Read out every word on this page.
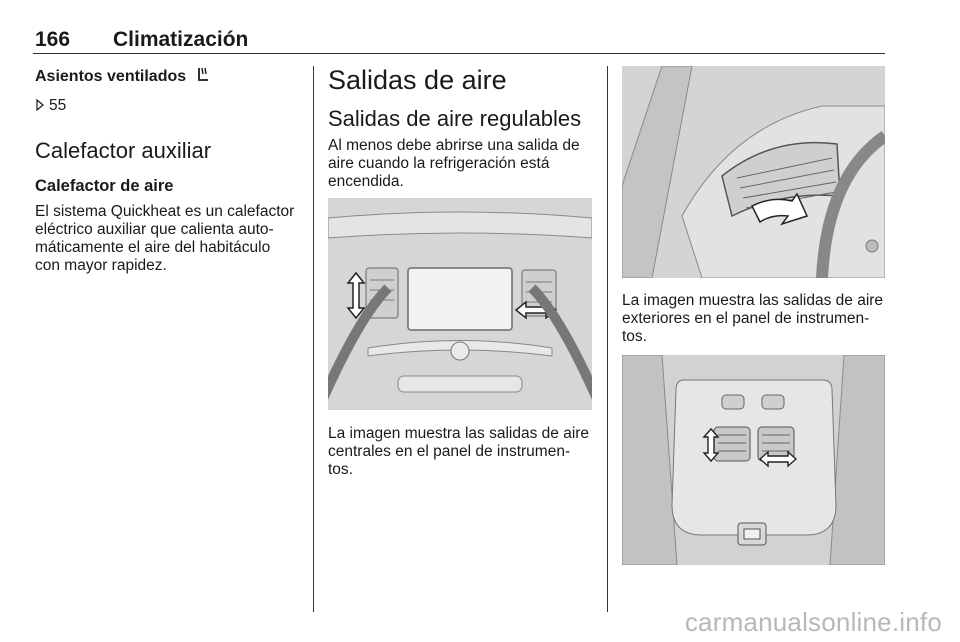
166 Climatización
Asientos ventilados
55
Calefactor auxiliar
Calefactor de aire
El sistema Quickheat es un calefactor
eléctrico auxiliar que calienta auto-
máticamente el aire del habitáculo
con mayor rapidez.
Salidas de aire
Salidas de aire regulables
Al menos debe abrirse una salida de
aire cuando la refrigeración está
encendida.
La imagen muestra las salidas de aire
centrales en el panel de instrumen-
tos.
La imagen muestra las salidas de aire
exteriores en el panel de instrumen-
tos.
carmanualsonline.info
